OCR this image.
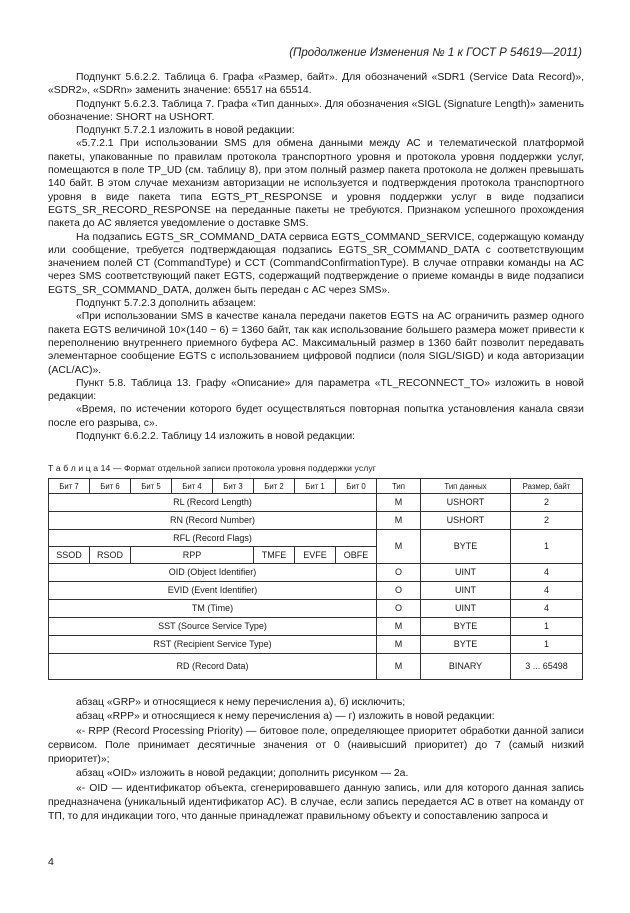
(Продолжение Изменения № 1 к ГОСТ Р 54619—2011)

Подпункт 5.6.2.2. Таблица 6. Графа «Размер, байт». Для обозначений «SDR1 (Service Data Record)», «SDR2», «SDRn» заменить значение: 65517 на 65514.

Подпункт 5.6.2.3. Таблица 7. Графа «Тип данных». Для обозначения «SIGL (Signature Length)» заменить обозначение: SHORT на USHORT.

Подпункт 5.7.2.1 изложить в новой редакции:

«5.7.2.1 При использовании SMS для обмена данными между АС и телематической платформой пакеты, упакованные по правилам протокола транспортного уровня и протокола уровня поддержки услуг, помещаются в поле TP_UD (см. таблицу 8), при этом полный размер пакета протокола не должен превышать 140 байт. В этом случае механизм авторизации не используется и подтверждения протокола транспортного уровня в виде пакета типа EGTS_PT_RESPONSE и уровня поддержки услуг в виде подзаписи EGTS_SR_RECORD_RESPONSE на переданные пакеты не требуются. Признаком успешного прохождения пакета до АС является уведомление о доставке SMS.

На подзапись EGTS_SR_COMMAND_DATA сервиса EGTS_COMMAND_SERVICE, содержащую команду или сообщение, требуется подтверждающая подзапись EGTS_SR_COMMAND_DATA с соответствующим значением полей CT (CommandType) и CCT (CommandConfirmationType). В случае отправки команды на АС через SMS соответствующий пакет EGTS, содержащий подтверждение о приеме команды в виде подзаписи EGTS_SR_COMMAND_DATA, должен быть передан с АС через SMS».

Подпункт 5.7.2.3 дополнить абзацем:

«При использовании SMS в качестве канала передачи пакетов EGTS на АС ограничить размер одного пакета EGTS величиной 10×(140 − 6) = 1360 байт, так как использование большего размера может привести к переполнению внутреннего приемного буфера АС. Максимальный размер в 1360 байт позволит передавать элементарное сообщение EGTS с использованием цифровой подписи (поля SIGL/SIGD) и кода авторизации (ACL/AC)».

Пункт 5.8. Таблица 13. Графу «Описание» для параметра «TL_RECONNECT_TO» изложить в новой редакции:

«Время, по истечении которого будет осуществляться повторная попытка установления канала связи после его разрыва, с».

Подпункт 6.6.2.2. Таблицу 14 изложить в новой редакции:

Т а б л и ц а 14 — Формат отдельной записи протокола уровня поддержки услуг
Бит 7	Бит 6	Бит 5	Бит 4	Бит 3	Бит 2	Бит 1	Бит 0	Тип	Тип данных	Размер, байт
RL (Record Length)								M	USHORT	2
RN (Record Number)								M	USHORT	2
RFL (Record Flags)								M	BYTE	1
SSOD	RSOD	RPP			TMFE	EVFE	OBFE			
OID (Object Identifier)								O	UINT	4
EVID (Event Identifier)								O	UINT	4
TM (Time)								O	UINT	4
SST (Source Service Type)								M	BYTE	1
RST (Recipient Service Type)								M	BYTE	1
RD (Record Data)								M	BINARY	3 ... 65498

абзац «GRP» и относящиеся к нему перечисления а), б) исключить;

абзац «RPP» и относящиеся к нему перечисления а) — г) изложить в новой редакции:

«- RPP (Record Processing Priority) — битовое поле, определяющее приоритет обработки данной записи сервисом. Поле принимает десятичные значения от 0 (наивысший приоритет) до 7 (самый низкий приоритет)»;

абзац «OID» изложить в новой редакции; дополнить рисунком — 2а.

«- OID — идентификатор объекта, сгенерировавшего данную запись, или для которого данная запись предназначена (уникальный идентификатор АС). В случае, если запись передается АС в ответ на команду от ТП, то для индикации того, что данные принадлежат правильному объекту и сопоставлению запроса и

4
